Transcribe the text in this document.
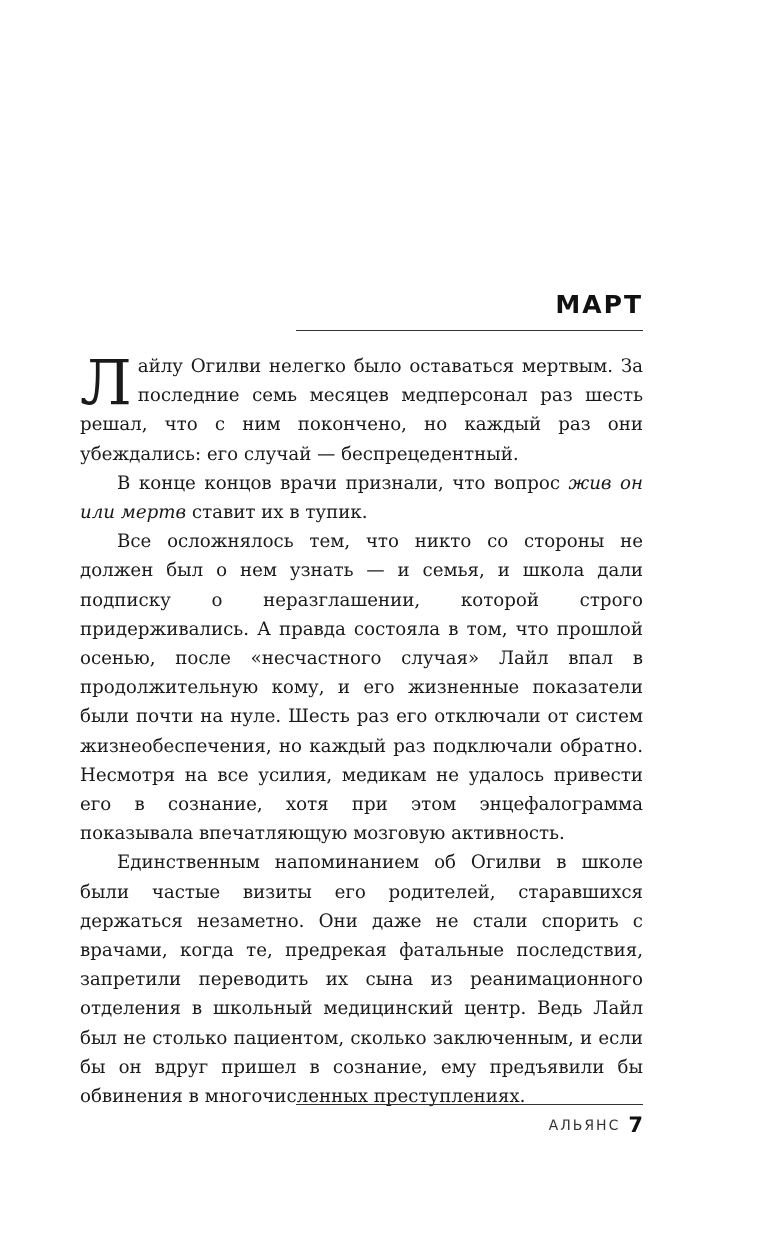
МАРТ

Лайлу Огилви нелегко было оставаться мертвым. За последние семь месяцев медперсонал раз шесть решал, что с ним покончено, но каждый раз они убеждались: его случай — беспрецедентный.

В конце концов врачи признали, что вопрос жив он или мертв ставит их в тупик.

Все осложнялось тем, что никто со стороны не должен был о нем узнать — и семья, и школа дали подписку о неразглашении, которой строго придерживались. А правда состояла в том, что прошлой осенью, после «несчастного случая» Лайл впал в продолжительную кому, и его жизненные показатели были почти на нуле. Шесть раз его отключали от систем жизнеобеспечения, но каждый раз подключали обратно. Несмотря на все усилия, медикам не удалось привести его в сознание, хотя при этом энцефалограмма показывала впечатляющую мозговую активность.

Единственным напоминанием об Огилви в школе были частые визиты его родителей, старавшихся держаться незаметно. Они даже не стали спорить с врачами, когда те, предрекая фатальные последствия, запретили переводить их сына из реанимационного отделения в школьный медицинский центр. Ведь Лайл был не столько пациентом, сколько заключенным, и если бы он вдруг пришел в сознание, ему предъявили бы обвинения в многочисленных преступлениях.

АЛЬЯНС 7
